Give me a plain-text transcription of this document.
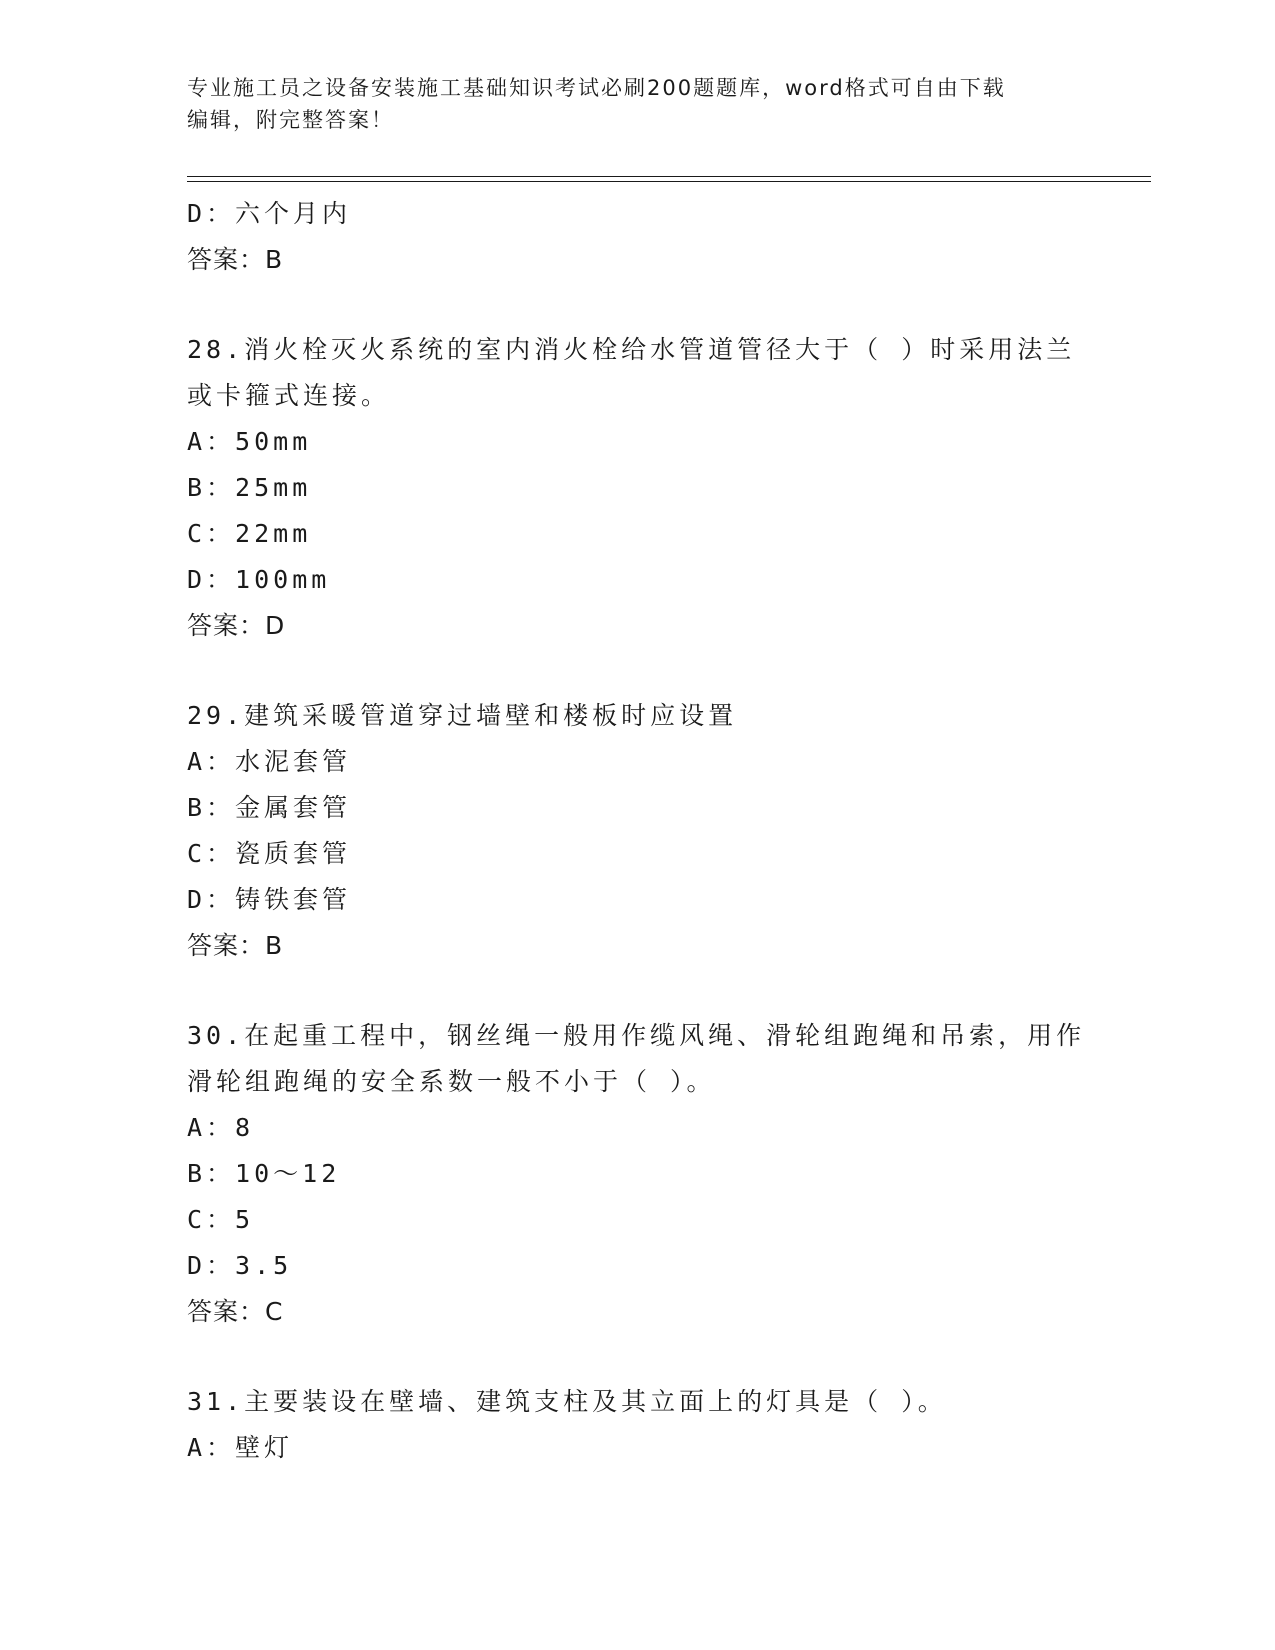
专业施工员之设备安装施工基础知识考试必刷200题题库，word格式可自由下载
编辑，附完整答案！
D：六个月内
答案：B
28.消火栓灭火系统的室内消火栓给水管道管径大于（ ）时采用法兰
或卡箍式连接。
A：50mm
B：25mm
C：22mm
D：100mm
答案：D
29.建筑采暖管道穿过墙壁和楼板时应设置
A：水泥套管
B：金属套管
C：瓷质套管
D：铸铁套管
答案：B
30.在起重工程中，钢丝绳一般用作缆风绳、滑轮组跑绳和吊索，用作
滑轮组跑绳的安全系数一般不小于（ ）。
A：8
B：10～12
C：5
D：3.5
答案：C
31.主要装设在壁墙、建筑支柱及其立面上的灯具是（ ）。
A：壁灯
